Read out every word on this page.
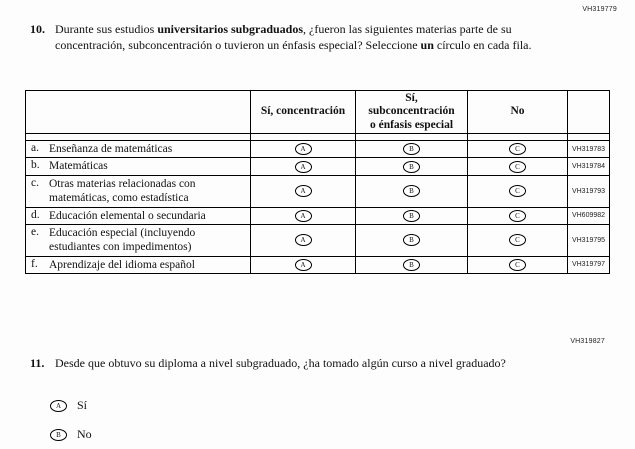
VH319779
10. Durante sus estudios universitarios subgraduados, ¿fueron las siguientes materias parte de su concentración, subconcentración o tuvieron un énfasis especial? Seleccione un círculo en cada fila.
	Sí, concentración	Sí,
subconcentración
o énfasis especial	No	

a. Enseñanza de matemáticas	A	B	C	VH319783

b. Matemáticas	A	B	C	VH319784

c. Otras materias relacionadas con matemáticas, como estadística	A	B	C	VH319793

d. Educación elemental o secundaria	A	B	C	VH609982

e. Educación especial (incluyendo estudiantes con impedimentos)	A	B	C	VH319795

f. Aprendizaje del idioma español	A	B	C	VH319797
VH319827
11. Desde que obtuvo su diploma a nivel subgraduado, ¿ha tomado algún curso a nivel graduado?
A	Sí
B	No
